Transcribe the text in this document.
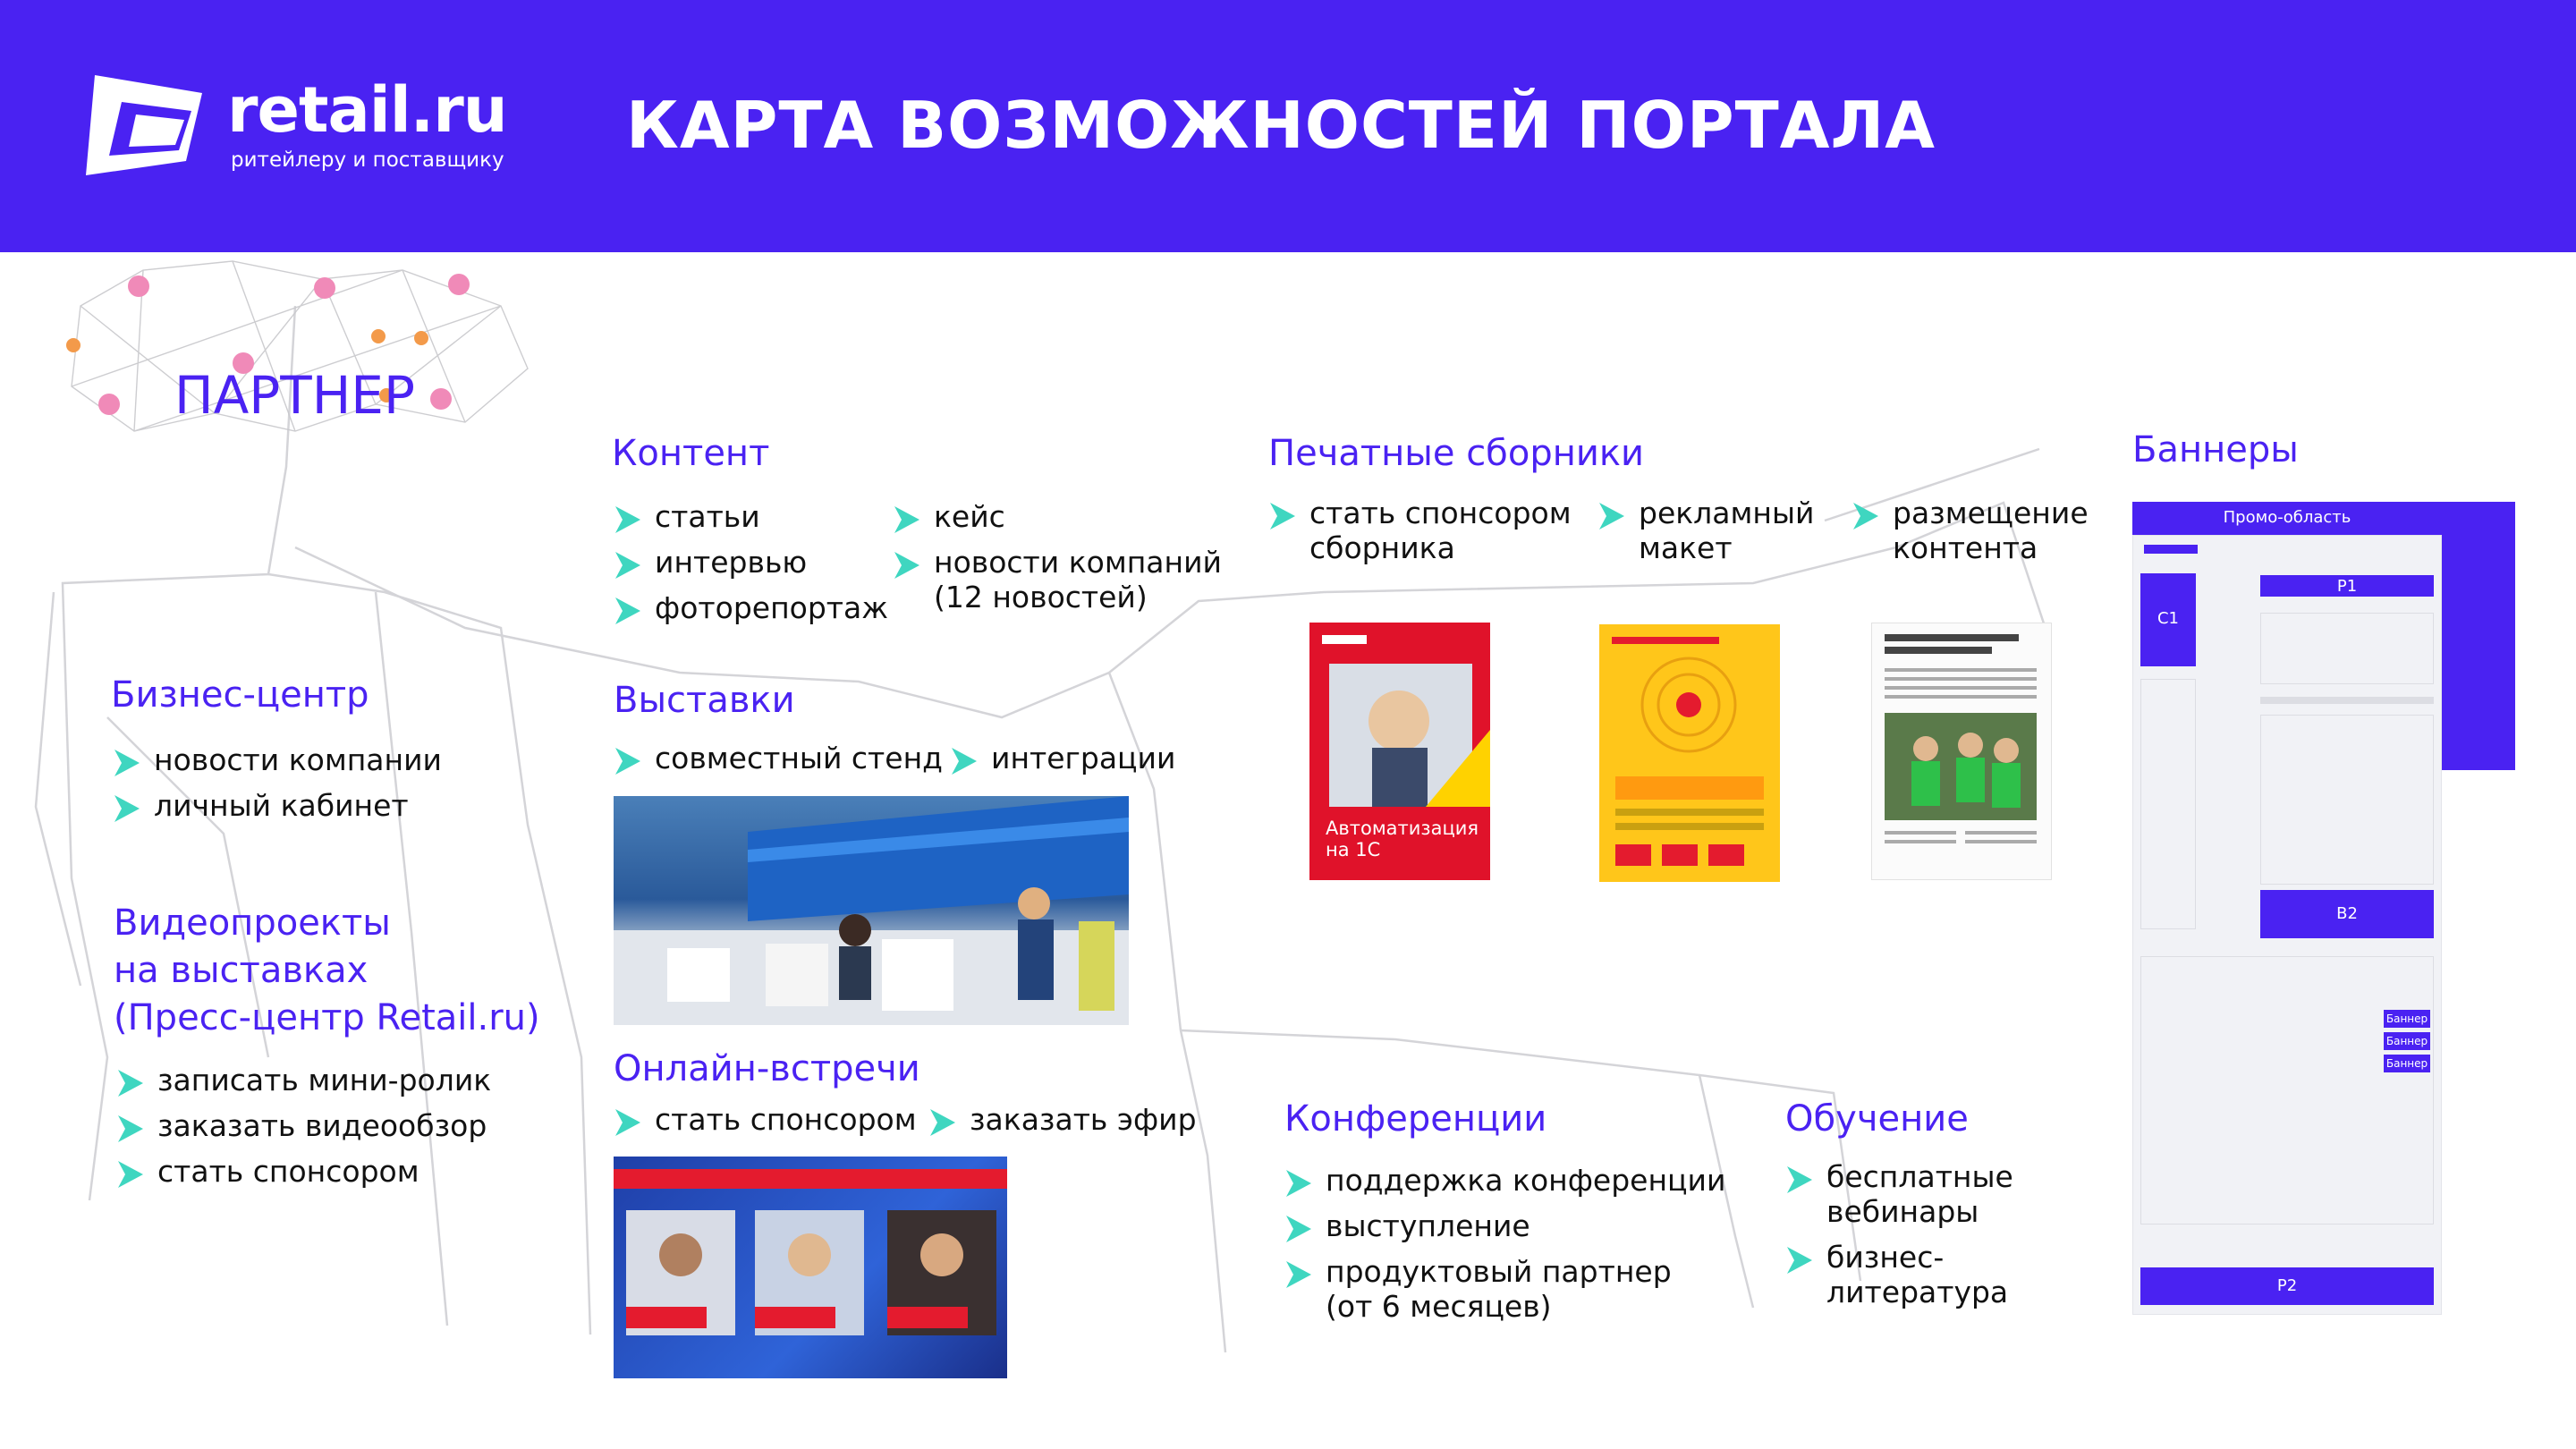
retail.ru
ритейлеру и поставщику КАРТА ВОЗМОЖНОСТЕЙ ПОРТАЛА
ПАРТНЕР
Бизнес-центр
новости компании
личный кабинет
Видеопроекты
на выставках
(Пресс-центр Retail.ru)
записать мини-ролик
заказать видеообзор
стать спонсором
Контент
статьи
интервью
фоторепортаж
кейс
новости компаний
(12 новостей)
Выставки
совместный стенд	интеграции
Онлайн-встречи
стать спонсором	заказать эфир
Печатные сборники
стать спонсором
сборника
рекламный
макет
размещение
контента
Автоматизация
на 1С
Конференции
поддержка конференции
выступление
продуктовый партнер
(от 6 месяцев)
Обучение
бесплатные
вебинары
бизнес-
литература
Баннеры
Промо-область
C1
P1
B2
Баннер
Баннер
Баннер
P2
